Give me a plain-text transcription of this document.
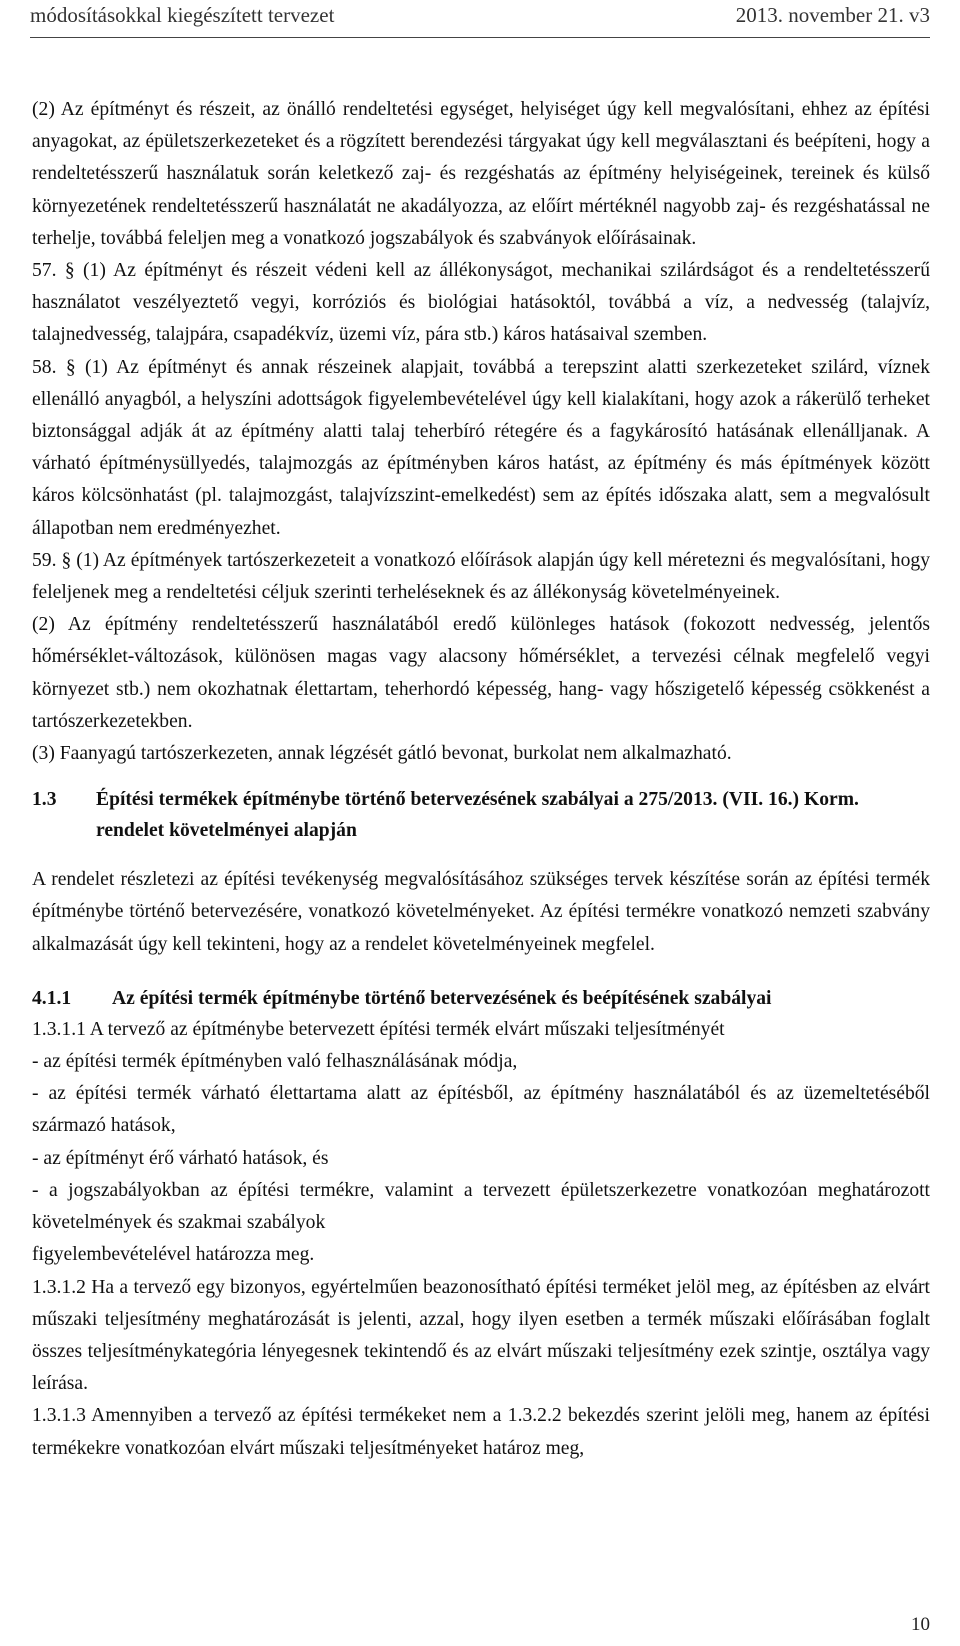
módosításokkal kiegészített tervezet	2013. november 21. v3

(2) Az építményt és részeit, az önálló rendeltetési egységet, helyiséget úgy kell megvalósítani, ehhez az építési anyagokat, az épületszerkezeteket és a rögzített berendezési tárgyakat úgy kell megválasztani és beépíteni, hogy a rendeltetésszerű használatuk során keletkező zaj- és rezgéshatás az építmény helyiségeinek, tereinek és külső környezetének rendeltetésszerű használatát ne akadályozza, az előírt mértéknél nagyobb zaj- és rezgéshatással ne terhelje, továbbá feleljen meg a vonatkozó jogszabályok és szabványok előírásainak.

57. § (1) Az építményt és részeit védeni kell az állékonyságot, mechanikai szilárdságot és a rendeltetésszerű használatot veszélyeztető vegyi, korróziós és biológiai hatásoktól, továbbá a víz, a nedvesség (talajvíz, talajnedvesség, talajpára, csapadékvíz, üzemi víz, pára stb.) káros hatásaival szemben.

58. § (1) Az építményt és annak részeinek alapjait, továbbá a terepszint alatti szerkezeteket szilárd, víznek ellenálló anyagból, a helyszíni adottságok figyelembevételével úgy kell kialakítani, hogy azok a rákerülő terheket biztonsággal adják át az építmény alatti talaj teherbíró rétegére és a fagykárosító hatásának ellenálljanak. A várható építménysüllyedés, talajmozgás az építményben káros hatást, az építmény és más építmények között káros kölcsönhatást (pl. talajmozgást, talajvízszint-emelkedést) sem az építés időszaka alatt, sem a megvalósult állapotban nem eredményezhet.

59. § (1) Az építmények tartószerkezeteit a vonatkozó előírások alapján úgy kell méretezni és megvalósítani, hogy feleljenek meg a rendeltetési céljuk szerinti terheléseknek és az állékonyság követelményeinek.

(2) Az építmény rendeltetésszerű használatából eredő különleges hatások (fokozott nedvesség, jelentős hőmérséklet-változások, különösen magas vagy alacsony hőmérséklet, a tervezési célnak megfelelő vegyi környezet stb.) nem okozhatnak élettartam, teherhordó képesség, hang- vagy hőszigetelő képesség csökkenést a tartószerkezetekben.

(3) Faanyagú tartószerkezeten, annak légzését gátló bevonat, burkolat nem alkalmazható.

1.3	Építési termékek építménybe történő betervezésének szabályai a 275/2013. (VII. 16.) Korm. rendelet követelményei alapján

A rendelet részletezi az építési tevékenység megvalósításához szükséges tervek készítése során az építési termék építménybe történő betervezésére, vonatkozó követelményeket. Az építési termékre vonatkozó nemzeti szabvány alkalmazását úgy kell tekinteni, hogy az a rendelet követelményeinek megfelel.

4.1.1	Az építési termék építménybe történő betervezésének és beépítésének szabályai

1.3.1.1 A tervező az építménybe betervezett építési termék elvárt műszaki teljesítményét

- az építési termék építményben való felhasználásának módja,

- az építési termék várható élettartama alatt az építésből, az építmény használatából és az üzemeltetéséből származó hatások,

- az építményt érő várható hatások, és

- a jogszabályokban az építési termékre, valamint a tervezett épületszerkezetre vonatkozóan meghatározott követelmények és szakmai szabályok

figyelembevételével határozza meg.

1.3.1.2 Ha a tervező egy bizonyos, egyértelműen beazonosítható építési terméket jelöl meg, az építésben az elvárt műszaki teljesítmény meghatározását is jelenti, azzal, hogy ilyen esetben a termék műszaki előírásában foglalt összes teljesítménykategória lényegesnek tekintendő és az elvárt műszaki teljesítmény ezek szintje, osztálya vagy leírása.

1.3.1.3 Amennyiben a tervező az építési termékeket nem a 1.3.2.2 bekezdés szerint jelöli meg, hanem az építési termékekre vonatkozóan elvárt műszaki teljesítményeket határoz meg,

10
